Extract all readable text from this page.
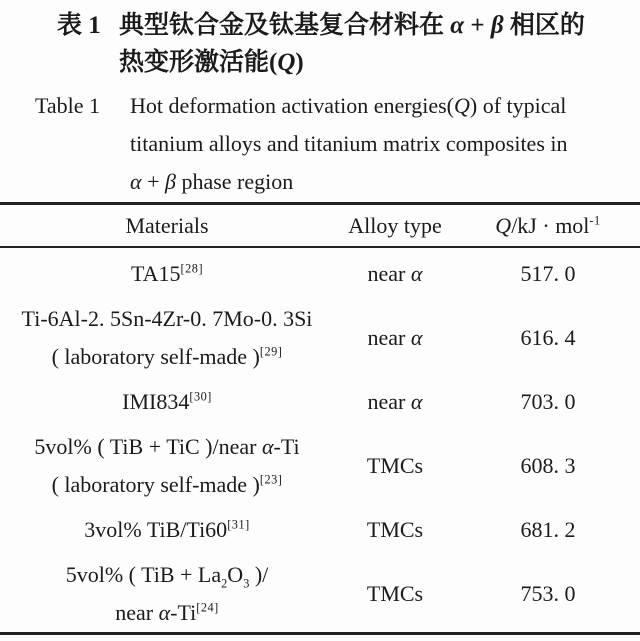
表 1 典型钛合金及钛基复合材料在 α + β 相区的
热变形激活能(Q)
Table 1	Hot deformation activation energies(Q) of typical
titanium alloys and titanium matrix composites in
α + β phase region
Materials	Alloy type	Q/kJ · mol$^{-1}$

TA15[28]	near α	517. 0

Ti-6Al-2. 5Sn-4Zr-0. 7Mo-0. 3Si
( laboratory self-made )[29]	near α	616. 4

IMI834[30]	near α	703. 0

5vol% ( TiB + TiC )/near α-Ti
( laboratory self-made )[23]	TMCs	608. 3

3vol% TiB/Ti60[31]	TMCs	681. 2

5vol% ( TiB + $La_2O_3$ )/
near α-Ti[24]	TMCs	753. 0
